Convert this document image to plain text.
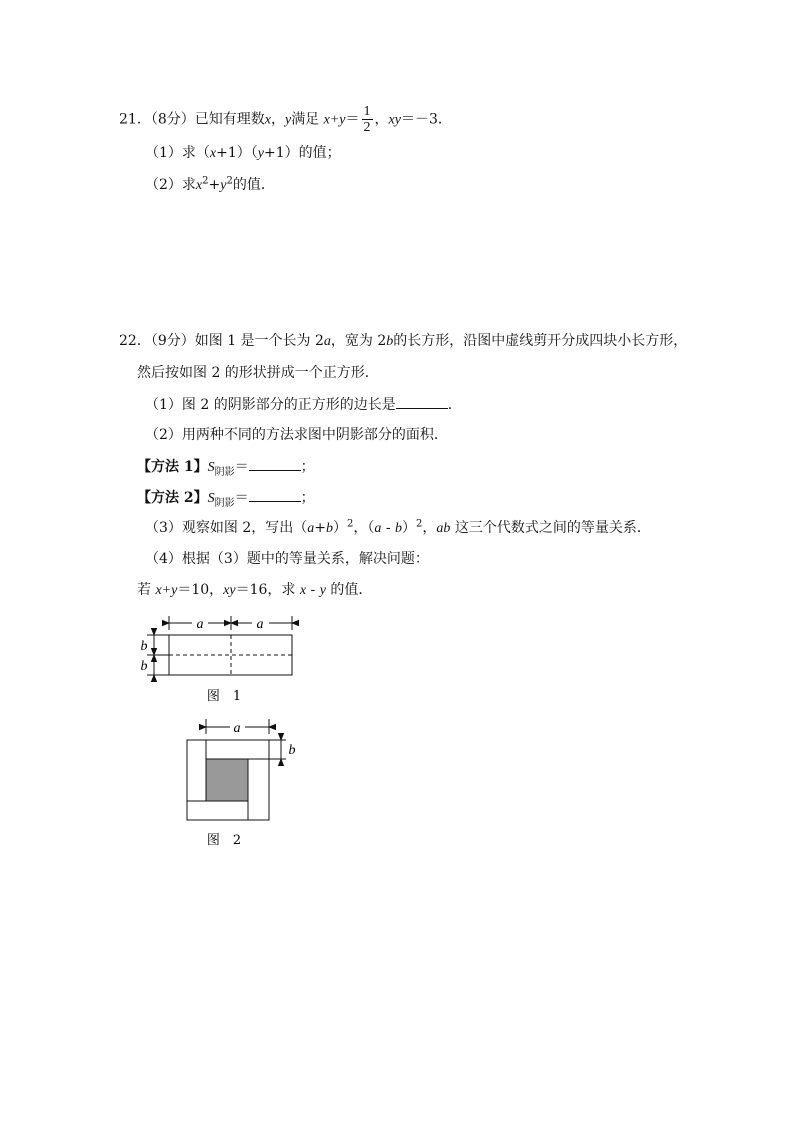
21．（8分）已知有理数x，y满足 $x+y= \frac{1}{2}$ ，xy＝－3．
（1）求（x+1）（y+1）的值；
（2）求$x^2+y^2$的值．
22．（9分）如图 1 是一个长为 2a，宽为 2b的长方形，沿图中虚线剪开分成四块小长方形，
然后按如图 2 的形状拼成一个正方形．
（1）图 2 的阴影部分的正方形的边长是	．
（2）用两种不同的方法求图中阴影部分的面积．
【方法 1】$S_{阴影}=$	；
【方法 2】$S_{阴影}=$	；
（3）观察如图 2，写出$(a+b)^2$，（a - b）$^2$，ab 这三个代数式之间的等量关系．
（4）根据（3）题中的等量关系，解决问题：
若 x+y＝10，xy＝16，求 x - y 的值．
a	a
b
b
图　1
a
b
图　2
